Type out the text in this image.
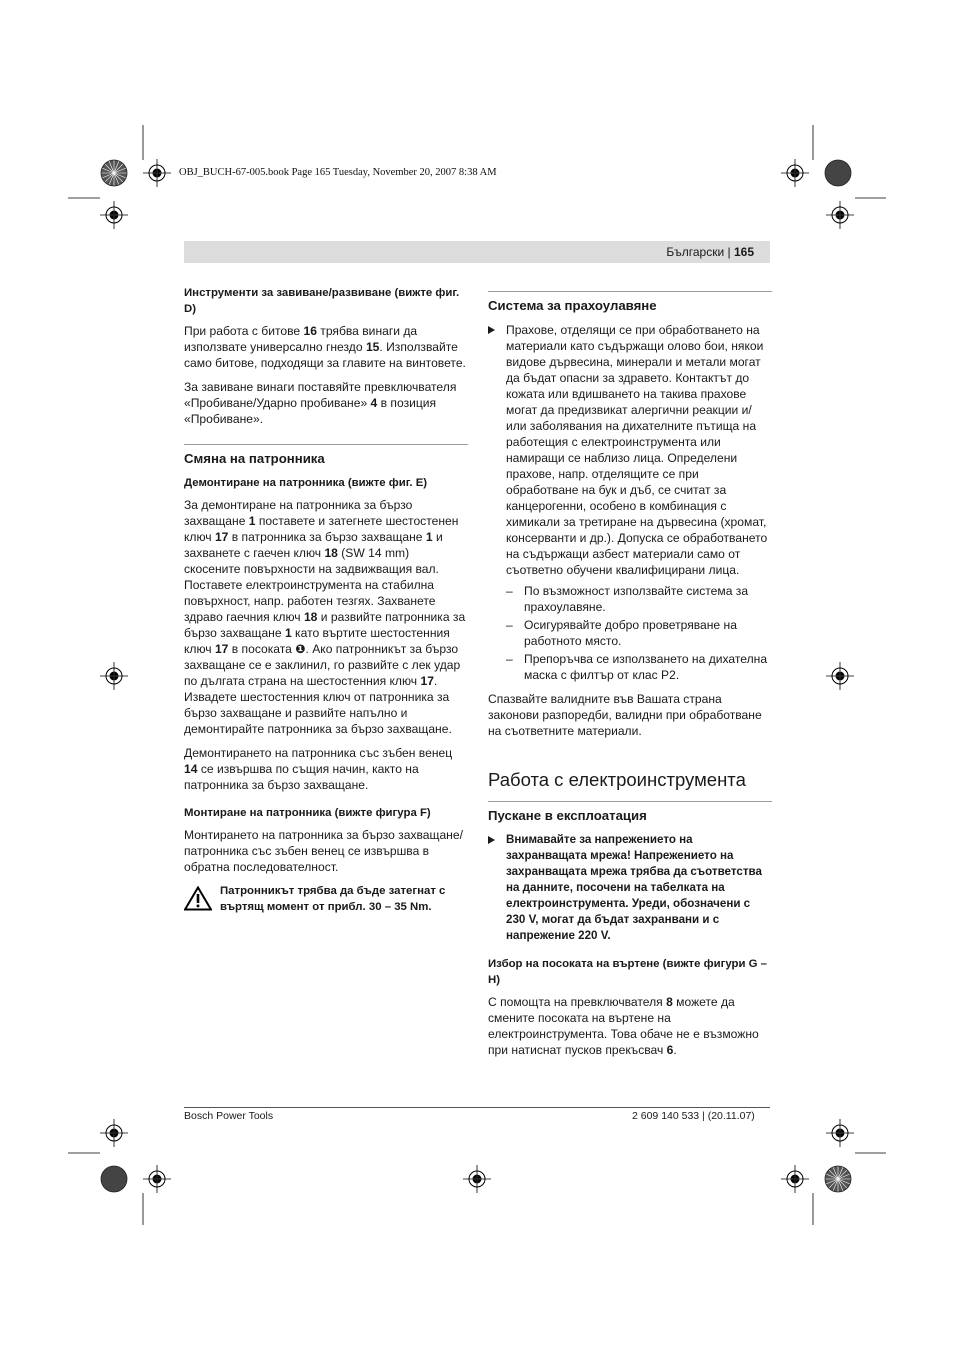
OBJ_BUCH-67-005.book Page 165 Tuesday, November 20, 2007 8:38 AM
Български | 165
Инструменти за завиване/развиване (вижте фиг. D)

При работа с битове 16 трябва винаги да използвате универсално гнездо 15. Използвайте само битове, подходящи за главите на винтовете.

За завиване винаги поставяйте превключвателя «Пробиване/Ударно пробиване» 4 в позиция «Пробиване».

Смяна на патронника
Демонтиране на патронника (вижте фиг. E)

За демонтиране на патронника за бързо захващане 1 поставете и затегнете шестостенен ключ 17 в патронника за бързо захващане 1 и захванете с гаечен ключ 18 (SW 14 mm) скосените повърхности на задвижващия вал. Поставете електроинструмента на стабилна повърхност, напр. работен тезгях. Захванете здраво гаечния ключ 18 и развийте патронника за бързо захващане 1 като въртите шестостенния ключ 17 в посоката ❶. Ако патронникът за бързо захващане се е заклинил, го развийте с лек удар по дългата страна на шестостенния ключ 17. Извадете шестостенния ключ от патронника за бързо захващане и развийте напълно и демонтирайте патронника за бързо захващане.

Демонтирането на патронника със зъбен венец 14 се извършва по същия начин, както на патронника за бързо захващане.

Монтиране на патронника (вижте фигура F)

Монтирането на патронника за бързо захващане/патронника със зъбен венец се извършва в обратна последователност.

Патронникът трябва да бъде затегнат с въртящ момент от прибл. 30 – 35 Nm.
Система за прахоулавяне
Прахове, отделящи се при обработването на материали като съдържащи олово бои, някои видове дървесина, минерали и метали могат да бъдат опасни за здравето. Контактът до кожата или вдишването на такива прахове могат да предизвикат алергични реакции и/или заболявания на дихателните пътища на работещия с електроинструмента или намиращи се наблизо лица. Определени прахове, напр. отделящите се при обработване на бук и дъб, се считат за канцерогенни, особено в комбинация с химикали за третиране на дървесина (хромат, консерванти и др.). Допуска се обработването на съдържащи азбест материали само от съответно обучени квалифицирани лица.
– По възможност използвайте система за прахоулавяне.
– Осигурявайте добро проветряване на работното място.
– Препоръчва се използването на дихателна маска с филтър от клас P2.

Спазвайте валидните във Вашата страна законови разпоредби, валидни при обработване на съответните материали.

Работа с електроинструмента
Пускане в експлоатация
Внимавайте за напрежението на захранващата мрежа! Напрежението на захранващата мрежа трябва да съответства на данните, посочени на табелката на електроинструмента. Уреди, обозначени с 230 V, могат да бъдат захранвани и с напрежение 220 V.
Избор на посоката на въртене (вижте фигури G – H)

С помощта на превключвателя 8 можете да смените посоката на въртене на електроинструмента. Това обаче не е възможно при натиснат пусков прекъсвач 6.

Bosch Power Tools	2 609 140 533 | (20.11.07)
